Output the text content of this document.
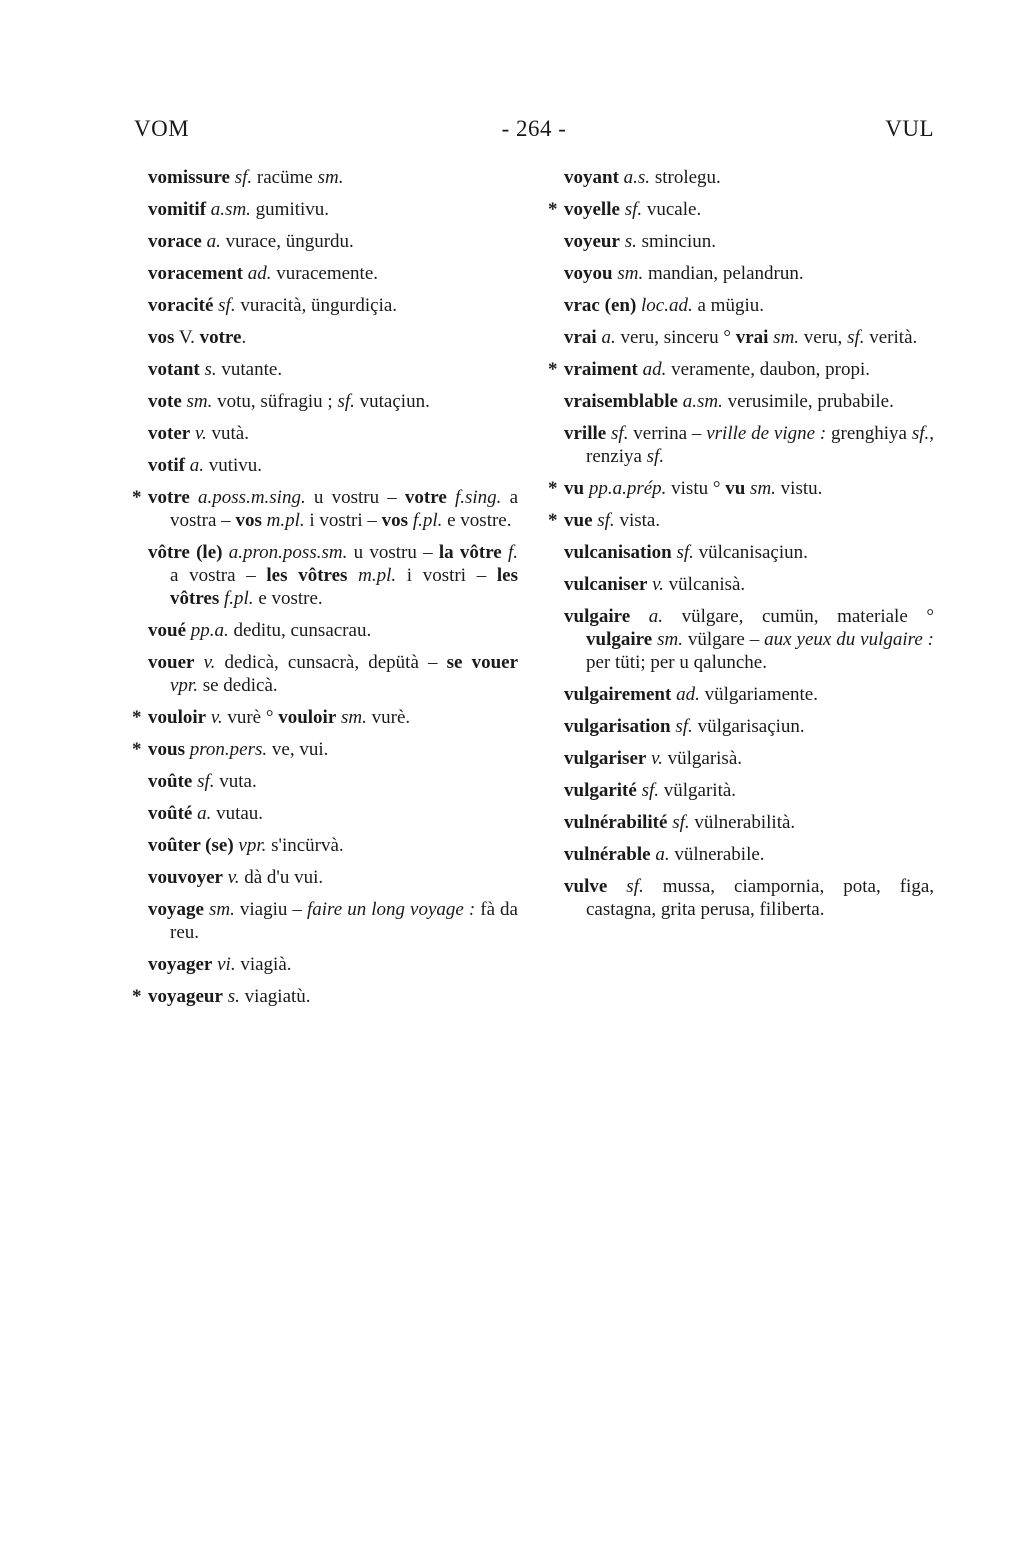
VOM	- 264 -	VUL
vomissure sf. racüme sm.
vomitif a.sm. gumitivu.
vorace a. vurace, üngurdu.
voracement ad. vuracemente.
voracité sf. vuracità, üngurdiçia.
vos V. votre.
votant s. vutante.
vote sm. votu, süfragiu ; sf. vutaçiun.
voter v. vutà.
votif a. vutivu.
* votre a.poss.m.sing. u vostru – votre f.sing. a vostra – vos m.pl. i vostri – vos f.pl. e vostre.
vôtre (le) a.pron.poss.sm. u vostru – la vôtre f. a vostra – les vôtres m.pl. i vostri – les vôtres f.pl. e vostre.
voué pp.a. deditu, cunsacrau.
vouer v. dedicà, cunsacrà, depütà – se vouer vpr. se dedicà.
* vouloir v. vurè ° vouloir sm. vurè.
* vous pron.pers. ve, vui.
voûte sf. vuta.
voûté a. vutau.
voûter (se) vpr. s'incürvà.
vouvoyer v. dà d'u vui.
voyage sm. viagiu – faire un long voyage : fà da reu.
voyager vi. viagià.
* voyageur s. viagiatù.
voyant a.s. strolegu.
* voyelle sf. vucale.
voyeur s. sminciun.
voyou sm. mandian, pelandrun.
vrac (en) loc.ad. a mügiu.
vrai a. veru, sinceru ° vrai sm. veru, sf. verità.
* vraiment ad. veramente, daubon, propi.
vraisemblable a.sm. verusimile, prubabile.
vrille sf. verrina – vrille de vigne : grenghiya sf., renziya sf.
* vu pp.a.prép. vistu ° vu sm. vistu.
* vue sf. vista.
vulcanisation sf. vülcanisaçiun.
vulcaniser v. vülcanisà.
vulgaire a. vülgare, cumün, materiale ° vulgaire sm. vülgare – aux yeux du vulgaire : per tüti; per u qalunche.
vulgairement ad. vülgariamente.
vulgarisation sf. vülgarisaçiun.
vulgariser v. vülgarisà.
vulgarité sf. vülgarità.
vulnérabilité sf. vülnerabilità.
vulnérable a. vülnerabile.
vulve sf. mussa, ciampornia, pota, figa, castagna, grita perusa, filiberta.
